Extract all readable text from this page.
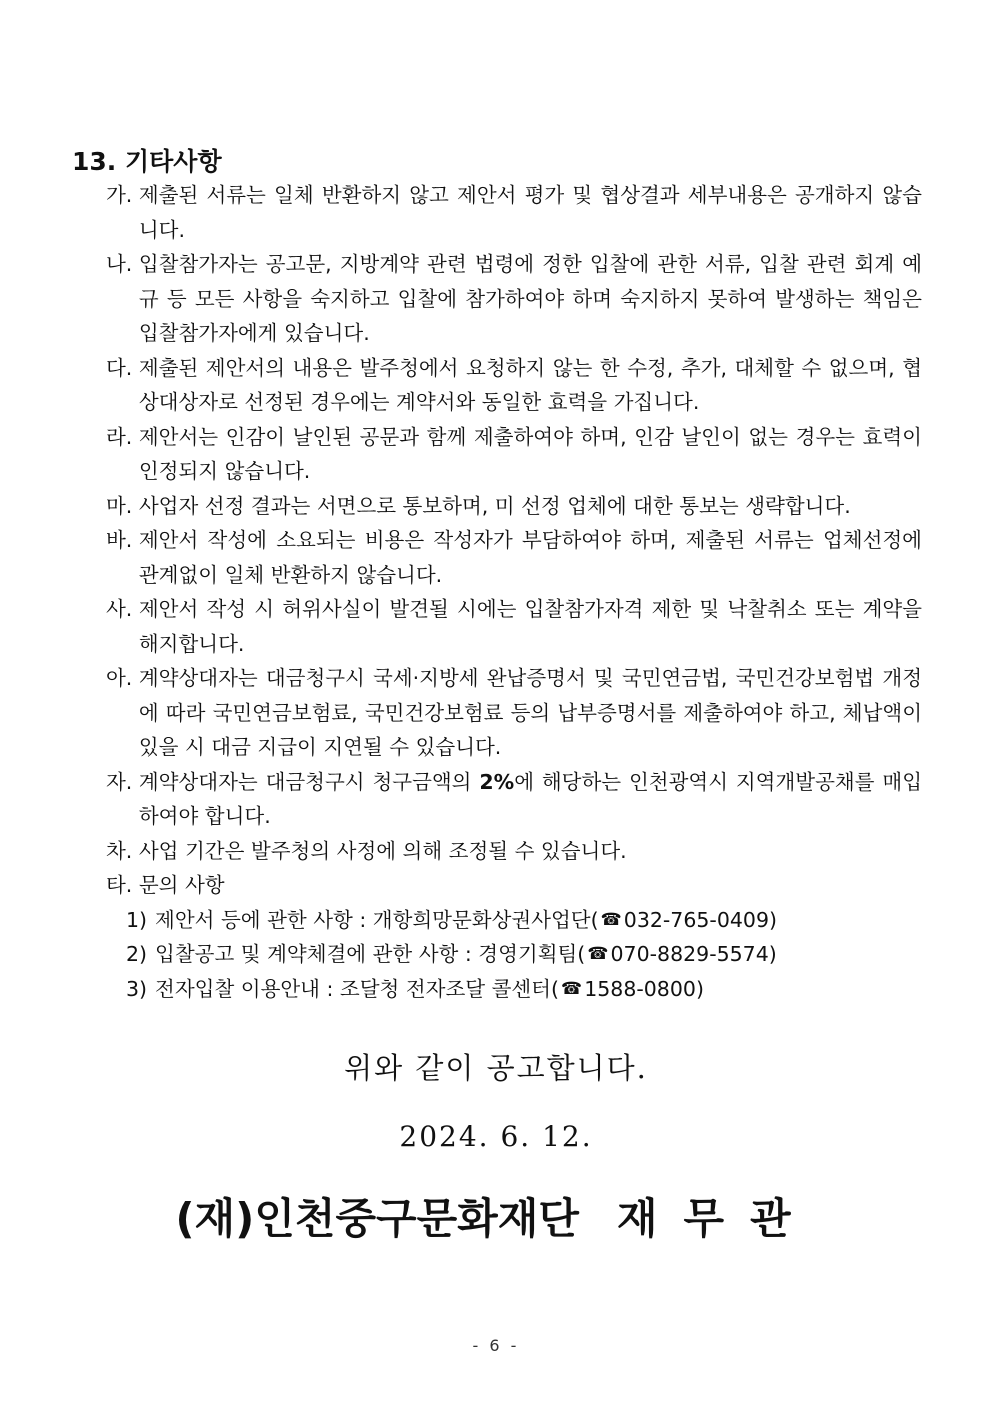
13. 기타사항
가.
제출된 서류는 일체 반환하지 않고 제안서 평가 및 협상결과 세부내용은 공개하지 않습니다.
나.
입찰참가자는 공고문, 지방계약 관련 법령에 정한 입찰에 관한 서류, 입찰 관련 회계 예규 등 모든 사항을 숙지하고 입찰에 참가하여야 하며 숙지하지 못하여 발생하는 책임은 입찰참가자에게 있습니다.
다.
제출된 제안서의 내용은 발주청에서 요청하지 않는 한 수정, 추가, 대체할 수 없으며, 협상대상자로 선정된 경우에는 계약서와 동일한 효력을 가집니다.
라.
제안서는 인감이 날인된 공문과 함께 제출하여야 하며, 인감 날인이 없는 경우는 효력이 인정되지 않습니다.
마.
사업자 선정 결과는 서면으로 통보하며, 미 선정 업체에 대한 통보는 생략합니다.
바.
제안서 작성에 소요되는 비용은 작성자가 부담하여야 하며, 제출된 서류는 업체선정에 관계없이 일체 반환하지 않습니다.
사.
제안서 작성 시 허위사실이 발견될 시에는 입찰참가자격 제한 및 낙찰취소 또는 계약을 해지합니다.
아.
계약상대자는 대금청구시 국세·지방세 완납증명서 및 국민연금법, 국민건강보험법 개정에 따라 국민연금보험료, 국민건강보험료 등의 납부증명서를 제출하여야 하고, 체납액이 있을 시 대금 지급이 지연될 수 있습니다.
자.
계약상대자는 대금청구시 청구금액의 2%에 해당하는 인천광역시 지역개발공채를 매입하여야 합니다.
차.
사업 기간은 발주청의 사정에 의해 조정될 수 있습니다.
타.
문의 사항
1) 제안서 등에 관한 사항 : 개항희망문화상권사업단( ☎ 032-765-0409 )
2) 입찰공고 및 계약체결에 관한 사항 : 경영기획팀( ☎ 070-8829-5574 )
3) 전자입찰 이용안내 : 조달청 전자조달 콜센터( ☎ 1588-0800 )
위와 같이 공고합니다.
2024. 6. 12.
(재)인천중구문화재단 재무관
- 6 -
